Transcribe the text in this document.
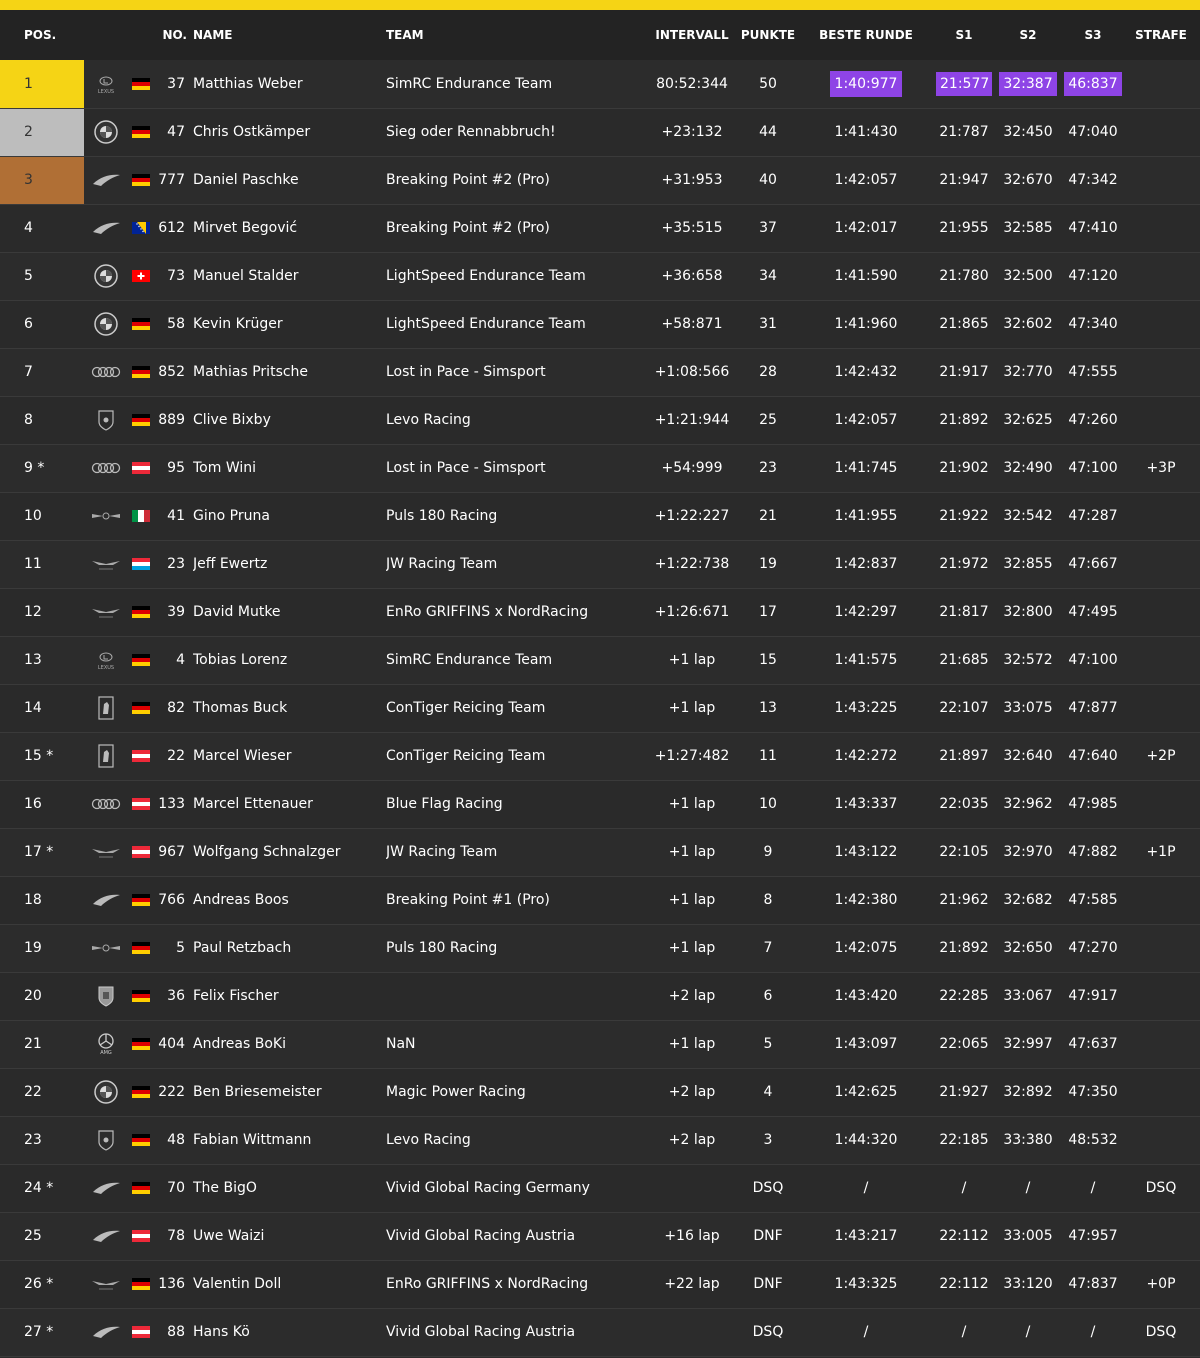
POS.			NO.	NAME	TEAM	INTERVALL	PUNKTE	BESTE RUNDE	S1	S2	S3	STRAFE
1	LEXUS		37	Matthias Weber	SimRC Endurance Team	80:52:344	50	1:40:977	21:577	32:387	46:837	
2			47	Chris Ostkämper	Sieg oder Rennabbruch!	+23:132	44	1:41:430	21:787	32:450	47:040	
3			777	Daniel Paschke	Breaking Point #2 (Pro)	+31:953	40	1:42:057	21:947	32:670	47:342	
4			612	Mirvet Begović	Breaking Point #2 (Pro)	+35:515	37	1:42:017	21:955	32:585	47:410	
5			73	Manuel Stalder	LightSpeed Endurance Team	+36:658	34	1:41:590	21:780	32:500	47:120	
6			58	Kevin Krüger	LightSpeed Endurance Team	+58:871	31	1:41:960	21:865	32:602	47:340	
7			852	Mathias Pritsche	Lost in Pace - Simsport	+1:08:566	28	1:42:432	21:917	32:770	47:555	
8			889	Clive Bixby	Levo Racing	+1:21:944	25	1:42:057	21:892	32:625	47:260	
9 *			95	Tom Wini	Lost in Pace - Simsport	+54:999	23	1:41:745	21:902	32:490	47:100	+3P
10			41	Gino Pruna	Puls 180 Racing	+1:22:227	21	1:41:955	21:922	32:542	47:287	
11			23	Jeff Ewertz	JW Racing Team	+1:22:738	19	1:42:837	21:972	32:855	47:667	
12			39	David Mutke	EnRo GRIFFINS x NordRacing	+1:26:671	17	1:42:297	21:817	32:800	47:495	
13	LEXUS		4	Tobias Lorenz	SimRC Endurance Team	+1 lap	15	1:41:575	21:685	32:572	47:100	
14			82	Thomas Buck	ConTiger Reicing Team	+1 lap	13	1:43:225	22:107	33:075	47:877	
15 *			22	Marcel Wieser	ConTiger Reicing Team	+1:27:482	11	1:42:272	21:897	32:640	47:640	+2P
16			133	Marcel Ettenauer	Blue Flag Racing	+1 lap	10	1:43:337	22:035	32:962	47:985	
17 *			967	Wolfgang Schnalzger	JW Racing Team	+1 lap	9	1:43:122	22:105	32:970	47:882	+1P
18			766	Andreas Boos	Breaking Point #1 (Pro)	+1 lap	8	1:42:380	21:962	32:682	47:585	
19			5	Paul Retzbach	Puls 180 Racing	+1 lap	7	1:42:075	21:892	32:650	47:270	
20			36	Felix Fischer		+2 lap	6	1:43:420	22:285	33:067	47:917	
21	AMG		404	Andreas BoKi	NaN	+1 lap	5	1:43:097	22:065	32:997	47:637	
22			222	Ben Briesemeister	Magic Power Racing	+2 lap	4	1:42:625	21:927	32:892	47:350	
23			48	Fabian Wittmann	Levo Racing	+2 lap	3	1:44:320	22:185	33:380	48:532	
24 *			70	The BigO	Vivid Global Racing Germany		DSQ	/	/	/	/	DSQ
25			78	Uwe Waizi	Vivid Global Racing Austria	+16 lap	DNF	1:43:217	22:112	33:005	47:957	
26 *			136	Valentin Doll	EnRo GRIFFINS x NordRacing	+22 lap	DNF	1:43:325	22:112	33:120	47:837	+0P
27 *			88	Hans Kö	Vivid Global Racing Austria		DSQ	/	/	/	/	DSQ
